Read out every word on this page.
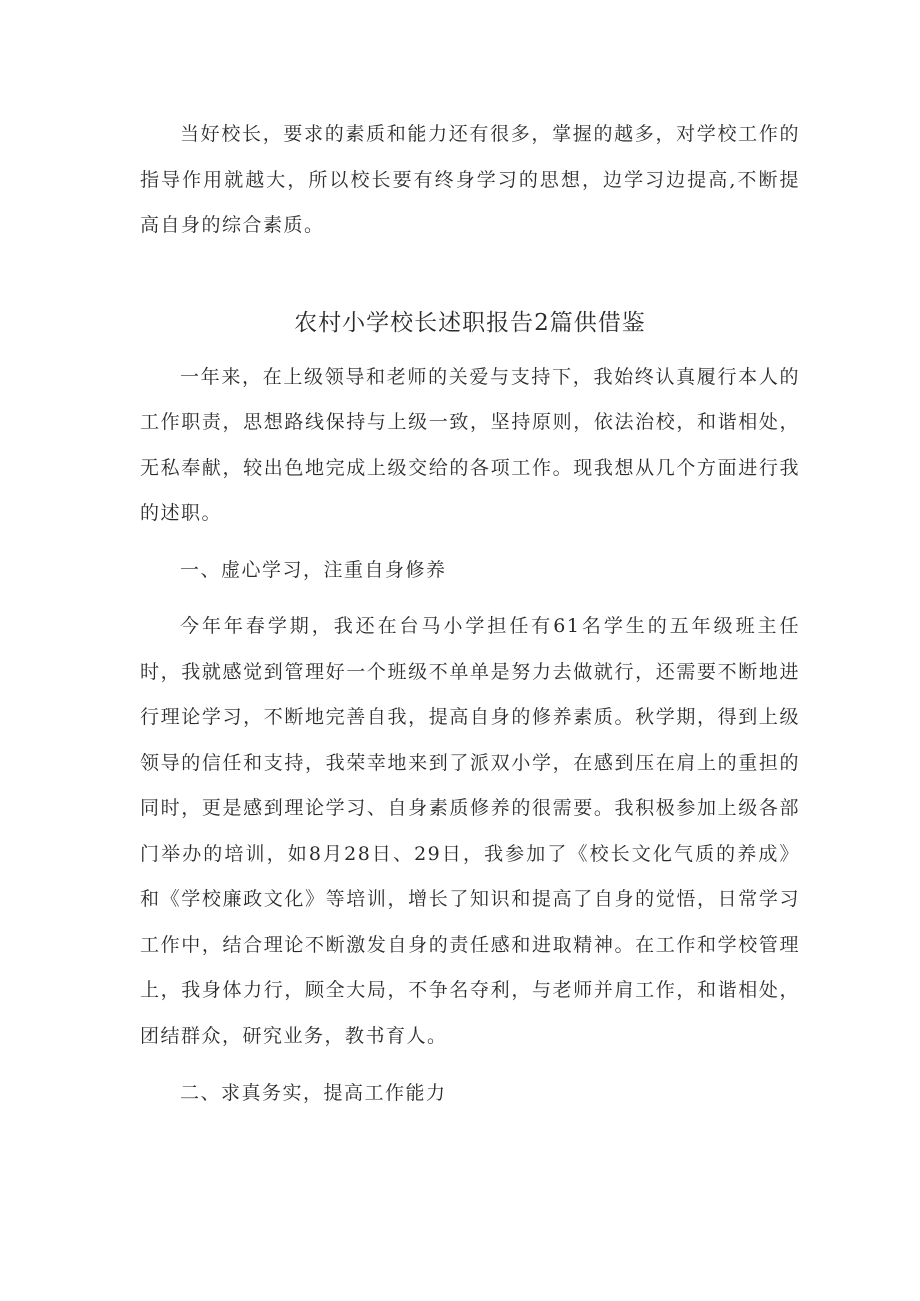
当好校长，要求的素质和能力还有很多，掌握的越多，对学校工作的指导作用就越大，所以校长要有终身学习的思想，边学习边提高,不断提高自身的综合素质。

农村小学校长述职报告2篇供借鉴

一年来，在上级领导和老师的关爱与支持下，我始终认真履行本人的工作职责，思想路线保持与上级一致，坚持原则，依法治校，和谐相处，无私奉献，较出色地完成上级交给的各项工作。现我想从几个方面进行我的述职。

一、虚心学习，注重自身修养

今年年春学期，我还在台马小学担任有61名学生的五年级班主任时，我就感觉到管理好一个班级不单单是努力去做就行，还需要不断地进行理论学习，不断地完善自我，提高自身的修养素质。秋学期，得到上级领导的信任和支持，我荣幸地来到了派双小学，在感到压在肩上的重担的同时，更是感到理论学习、自身素质修养的很需要。我积极参加上级各部门举办的培训，如8月28日、29日，我参加了《校长文化气质的养成》和《学校廉政文化》等培训，增长了知识和提高了自身的觉悟，日常学习工作中，结合理论不断激发自身的责任感和进取精神。在工作和学校管理上，我身体力行，顾全大局，不争名夺利，与老师并肩工作，和谐相处，团结群众，研究业务，教书育人。

二、求真务实，提高工作能力
